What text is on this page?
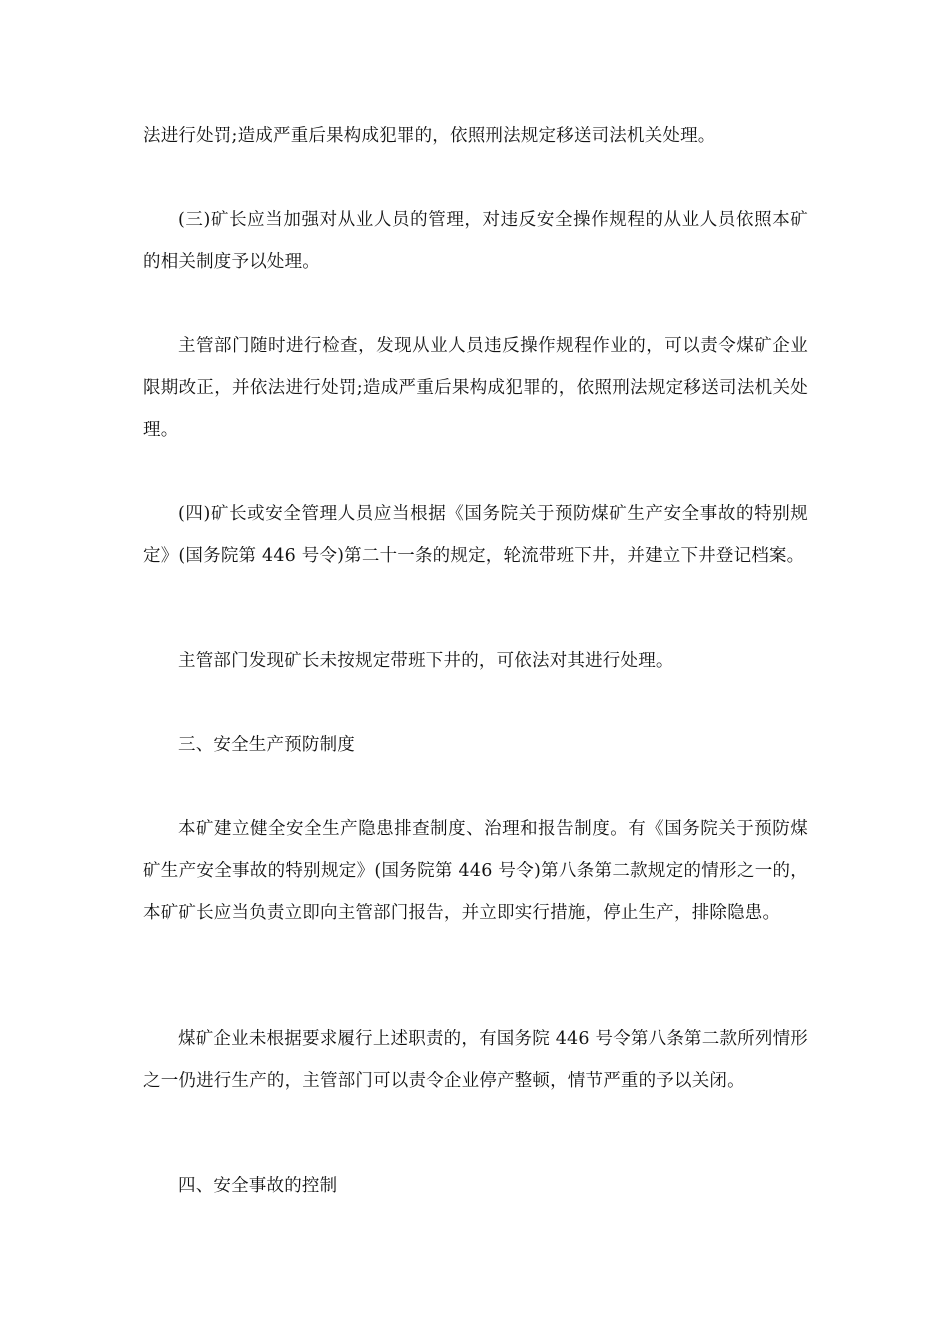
法进行处罚;造成严重后果构成犯罪的，依照刑法规定移送司法机关处理。

(三)矿长应当加强对从业人员的管理，对违反安全操作规程的从业人员依照本矿的相关制度予以处理。

主管部门随时进行检查，发现从业人员违反操作规程作业的，可以责令煤矿企业限期改正，并依法进行处罚;造成严重后果构成犯罪的，依照刑法规定移送司法机关处理。

(四)矿长或安全管理人员应当根据《国务院关于预防煤矿生产安全事故的特别规定》(国务院第 446 号令)第二十一条的规定，轮流带班下井，并建立下井登记档案。

主管部门发现矿长未按规定带班下井的，可依法对其进行处理。

三、安全生产预防制度

本矿建立健全安全生产隐患排查制度、治理和报告制度。有《国务院关于预防煤矿生产安全事故的特别规定》(国务院第 446 号令)第八条第二款规定的情形之一的，本矿矿长应当负责立即向主管部门报告，并立即实行措施，停止生产，排除隐患。

煤矿企业未根据要求履行上述职责的，有国务院 446 号令第八条第二款所列情形之一仍进行生产的，主管部门可以责令企业停产整顿，情节严重的予以关闭。

四、安全事故的控制
